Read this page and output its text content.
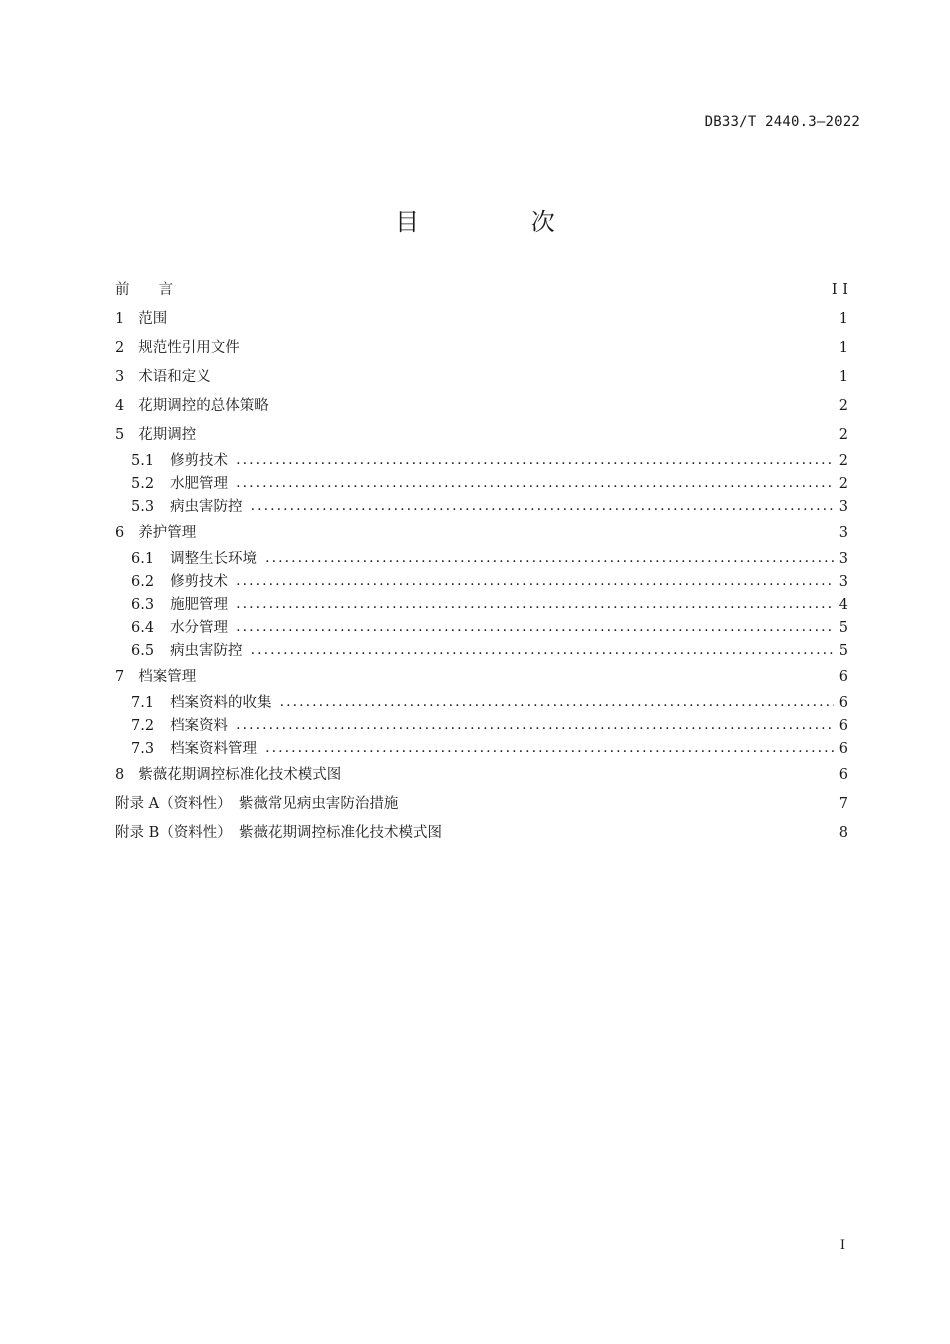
DB33/T 2440.3—2022
目 次
前　　言 . . .	I I
1 范围 . . .	1
2 规范性引用文件 . . .	1
3 术语和定义 . . .	1
4 花期调控的总体策略 . . .	2
5 花期调控 . . .	2
5.1 修剪技术 . . .	2
5.2 水肥管理 . . .	2
5.3 病虫害防控 . . .	3
6 养护管理 . . .	3
6.1 调整生长环境 . . .	3
6.2 修剪技术 . . .	3
6.3 施肥管理 . . .	4
6.4 水分管理 . . .	5
6.5 病虫害防控 . . .	5
7 档案管理 . . .	6
7.1 档案资料的收集 . . .	6
7.2 档案资料 . . .	6
7.3 档案资料管理 . . .	6
8 紫薇花期调控标准化技术模式图 . . .	6
附录 A（资料性）　紫薇常见病虫害防治措施 . . .	7
附录 B（资料性）　紫薇花期调控标准化技术模式图 . . .	8
I
